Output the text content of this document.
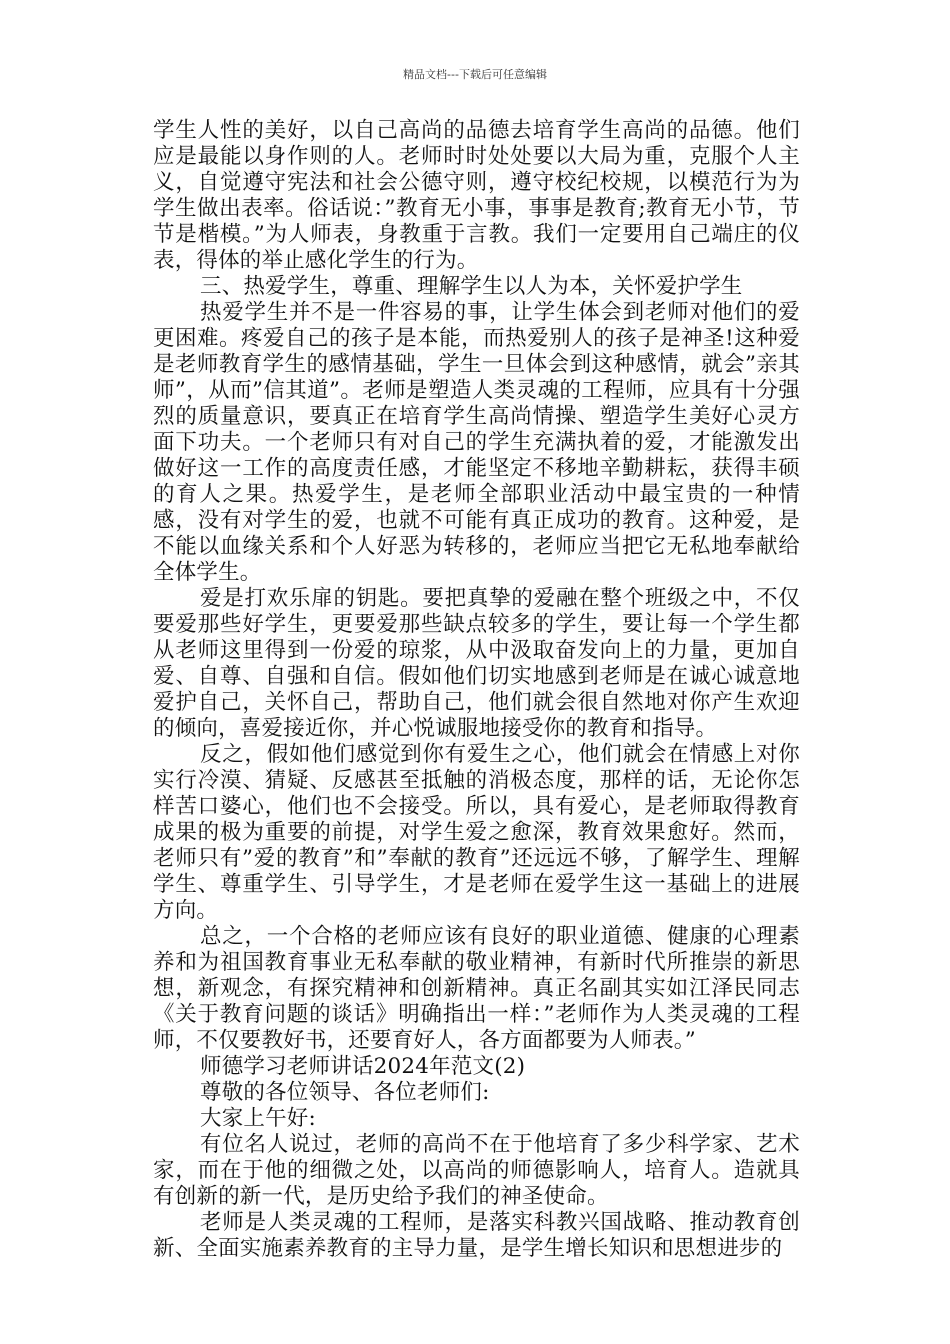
精品文档---下载后可任意编辑

学生人性的美好，以自己高尚的品德去培育学生高尚的品德。他们应是最能以身作则的人。老师时时处处要以大局为重，克服个人主义，自觉遵守宪法和社会公德守则，遵守校纪校规，以模范行为为学生做出表率。俗话说：”教育无小事，事事是教育;教育无小节，节节是楷模。”为人师表，身教重于言教。我们一定要用自己端庄的仪表，得体的举止感化学生的行为。

三、热爱学生，尊重、理解学生以人为本，关怀爱护学生

热爱学生并不是一件容易的事，让学生体会到老师对他们的爱更困难。疼爱自己的孩子是本能，而热爱别人的孩子是神圣!这种爱是老师教育学生的感情基础，学生一旦体会到这种感情，就会”亲其师”，从而”信其道”。老师是塑造人类灵魂的工程师，应具有十分强烈的质量意识，要真正在培育学生高尚情操、塑造学生美好心灵方面下功夫。一个老师只有对自己的学生充满执着的爱，才能激发出做好这一工作的高度责任感，才能坚定不移地辛勤耕耘，获得丰硕的育人之果。热爱学生，是老师全部职业活动中最宝贵的一种情感，没有对学生的爱，也就不可能有真正成功的教育。这种爱，是不能以血缘关系和个人好恶为转移的，老师应当把它无私地奉献给全体学生。

爱是打欢乐扉的钥匙。要把真挚的爱融在整个班级之中，不仅要爱那些好学生，更要爱那些缺点较多的学生，要让每一个学生都从老师这里得到一份爱的琼浆，从中汲取奋发向上的力量，更加自爱、自尊、自强和自信。假如他们切实地感到老师是在诚心诚意地爱护自己，关怀自己，帮助自己，他们就会很自然地对你产生欢迎的倾向，喜爱接近你，并心悦诚服地接受你的教育和指导。

反之，假如他们感觉到你有爱生之心，他们就会在情感上对你实行冷漠、猜疑、反感甚至抵触的消极态度，那样的话，无论你怎样苦口婆心，他们也不会接受。所以，具有爱心，是老师取得教育成果的极为重要的前提，对学生爱之愈深，教育效果愈好。然而，老师只有”爱的教育”和”奉献的教育”还远远不够，了解学生、理解学生、尊重学生、引导学生，才是老师在爱学生这一基础上的进展方向。

总之，一个合格的老师应该有良好的职业道德、健康的心理素养和为祖国教育事业无私奉献的敬业精神，有新时代所推崇的新思想，新观念，有探究精神和创新精神。真正名副其实如江泽民同志《关于教育问题的谈话》明确指出一样：”老师作为人类灵魂的工程师，不仅要教好书，还要育好人，各方面都要为人师表。”

师德学习老师讲话2024年范文(2)

尊敬的各位领导、各位老师们:

大家上午好:

有位名人说过，老师的高尚不在于他培育了多少科学家、艺术家，而在于他的细微之处，以高尚的师德影响人，培育人。造就具有创新的新一代，是历史给予我们的神圣使命。

老师是人类灵魂的工程师，是落实科教兴国战略、推动教育创新、全面实施素养教育的主导力量，是学生增长知识和思想进步的
